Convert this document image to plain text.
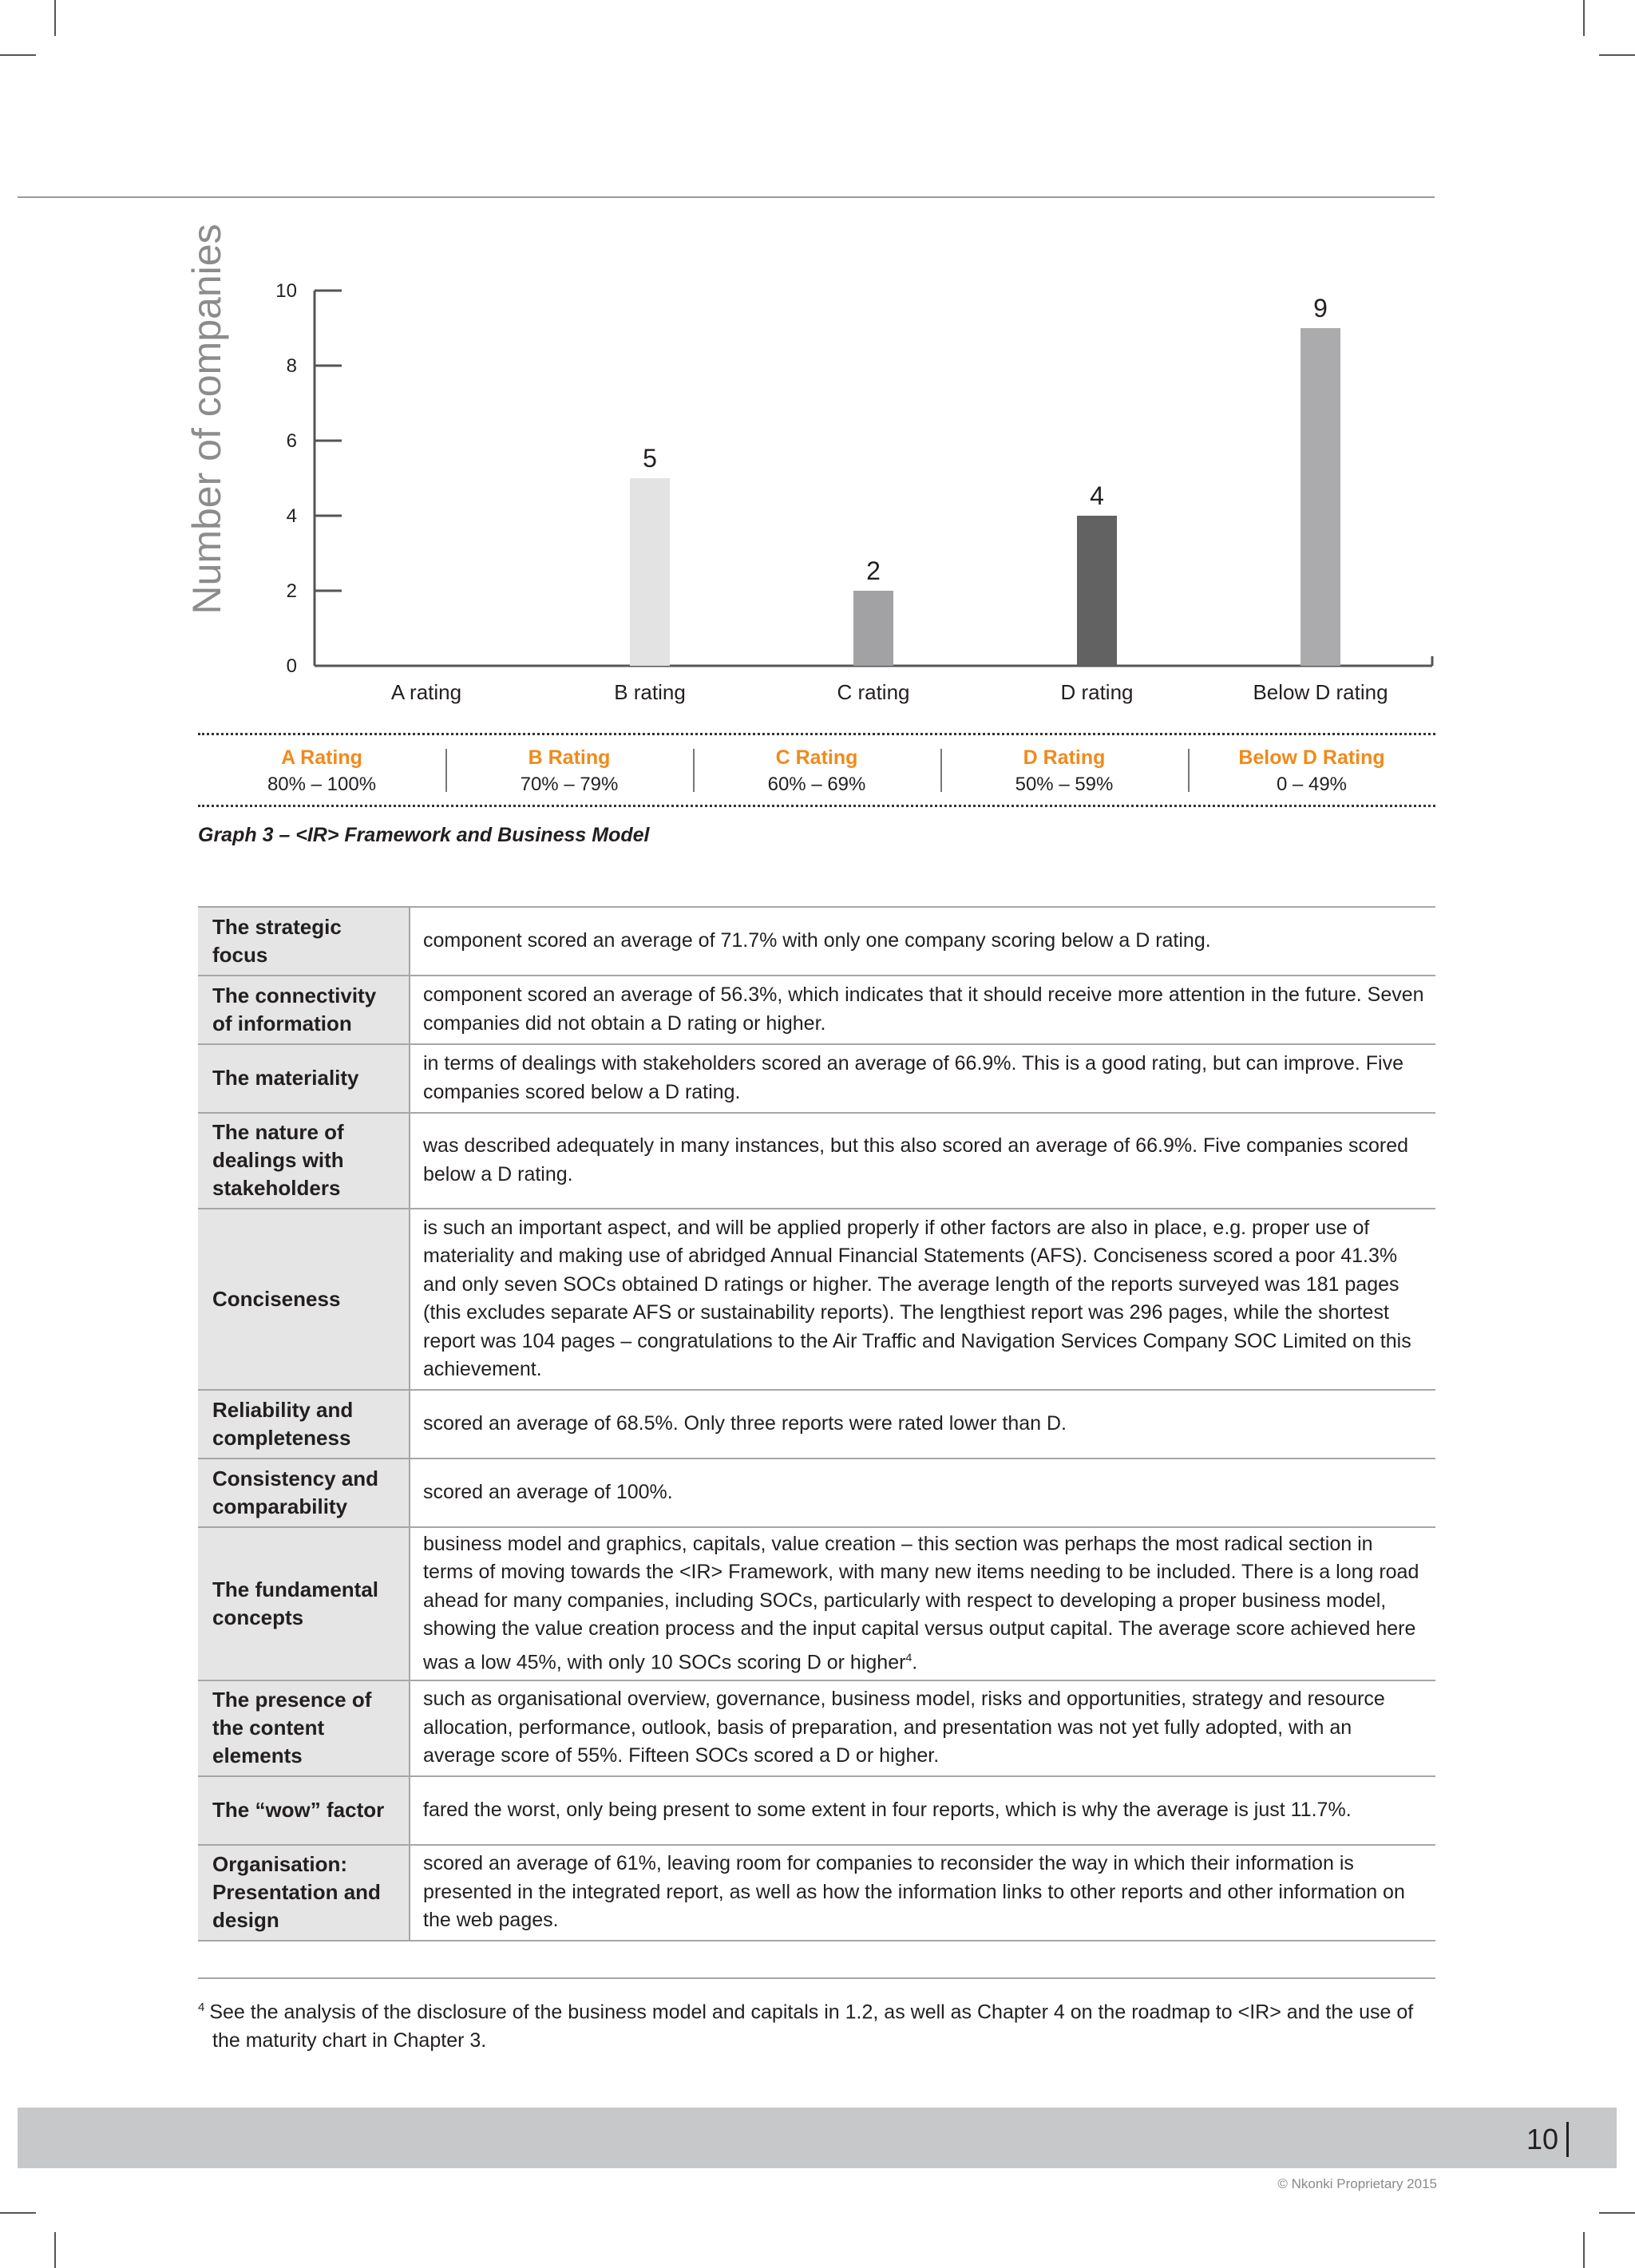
Number of companies
0
2
4
6
8
10
A rating
5
B rating
2
C rating
4
D rating
9
Below D rating
A Rating
80% – 100%
B Rating
70% – 79%
C Rating
60% – 69%
D Rating
50% – 59%
Below D Rating
0 – 49%
Graph 3 – <IR> Framework and Business Model
The strategic focus
component scored an average of 71.7% with only one company scoring below a D rating.
The connectivity of information
component scored an average of 56.3%, which indicates that it should receive more attention in the future. Seven companies did not obtain a D rating or higher.
The materiality
in terms of dealings with stakeholders scored an average of 66.9%. This is a good rating, but can improve. Five companies scored below a D rating.
The nature of dealings with stakeholders
was described adequately in many instances, but this also scored an average of 66.9%. Five companies scored below a D rating.
Conciseness
is such an important aspect, and will be applied properly if other factors are also in place, e.g. proper use of materiality and making use of abridged Annual Financial Statements (AFS). Conciseness scored a poor 41.3% and only seven SOCs obtained D ratings or higher. The average length of the reports surveyed was 181 pages (this excludes separate AFS or sustainability reports). The lengthiest report was 296 pages, while the shortest report was 104 pages – congratulations to the Air Traffic and Navigation Services Company SOC Limited on this achievement.
Reliability and completeness
scored an average of 68.5%. Only three reports were rated lower than D.
Consistency and comparability
scored an average of 100%.
The fundamental concepts
business model and graphics, capitals, value creation – this section was perhaps the most radical section in terms of moving towards the <IR> Framework, with many new items needing to be included. There is a long road ahead for many companies, including SOCs, particularly with respect to developing a proper business model, showing the value creation process and the input capital versus output capital. The average score achieved here was a low 45%, with only 10 SOCs scoring D or higher$^4$.
The presence of the content elements
such as organisational overview, governance, business model, risks and opportunities, strategy and resource allocation, performance, outlook, basis of preparation, and presentation was not yet fully adopted, with an average score of 55%. Fifteen SOCs scored a D or higher.
The “wow” factor	fared the worst, only being present to some extent in four reports, which is why the average is just 11.7%.
Organisation: Presentation and design
scored an average of 61%, leaving room for companies to reconsider the way in which their information is presented in the integrated report, as well as how the information links to other reports and other information on the web pages.
$^4$ See the analysis of the disclosure of the business model and capitals in 1.2, as well as Chapter 4 on the roadmap to <IR> and the use of
the maturity chart in Chapter 3.
10
© Nkonki Proprietary 2015
